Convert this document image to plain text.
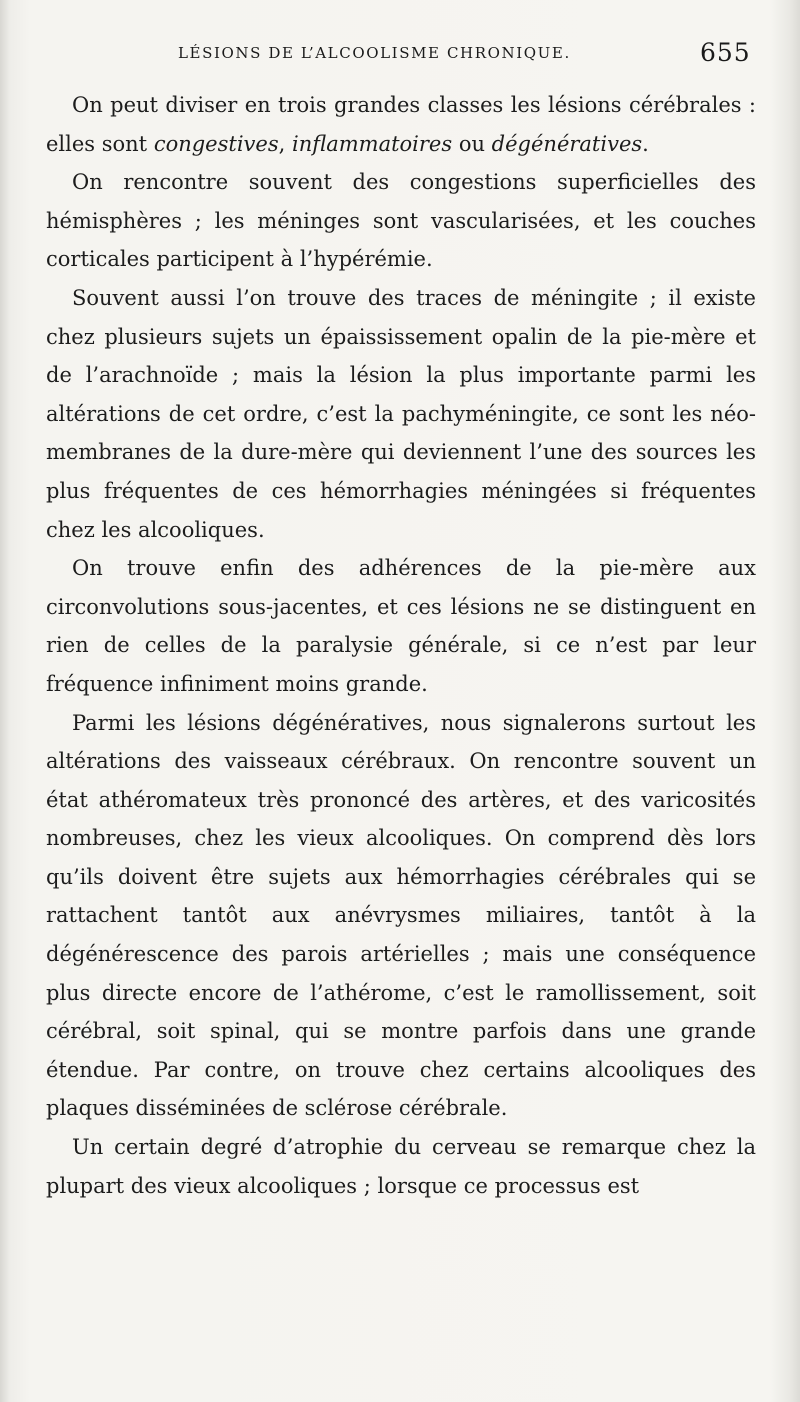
LÉSIONS DE L’ALCOOLISME CHRONIQUE.	655

On peut diviser en trois grandes classes les lésions cérébrales : elles sont congestives, inflammatoires ou dégénératives.

On rencontre souvent des congestions superficielles des hémisphères ; les méninges sont vascularisées, et les couches corticales participent à l’hypérémie.

Souvent aussi l’on trouve des traces de méningite ; il existe chez plusieurs sujets un épaississement opalin de la pie-mère et de l’arachnoïde ; mais la lésion la plus importante parmi les altérations de cet ordre, c’est la pachyméningite, ce sont les néo-membranes de la dure-mère qui deviennent l’une des sources les plus fréquentes de ces hémorrhagies méningées si fréquentes chez les alcooliques.

On trouve enfin des adhérences de la pie-mère aux circonvolutions sous-jacentes, et ces lésions ne se distinguent en rien de celles de la paralysie générale, si ce n’est par leur fréquence infiniment moins grande.

Parmi les lésions dégénératives, nous signalerons surtout les altérations des vaisseaux cérébraux. On rencontre souvent un état athéromateux très prononcé des artères, et des varicosités nombreuses, chez les vieux alcooliques. On comprend dès lors qu’ils doivent être sujets aux hémorrhagies cérébrales qui se rattachent tantôt aux anévrysmes miliaires, tantôt à la dégénérescence des parois artérielles ; mais une conséquence plus directe encore de l’athérome, c’est le ramollissement, soit cérébral, soit spinal, qui se montre parfois dans une grande étendue. Par contre, on trouve chez certains alcooliques des plaques disséminées de sclérose cérébrale.

Un certain degré d’atrophie du cerveau se remarque chez la plupart des vieux alcooliques ; lorsque ce processus est
